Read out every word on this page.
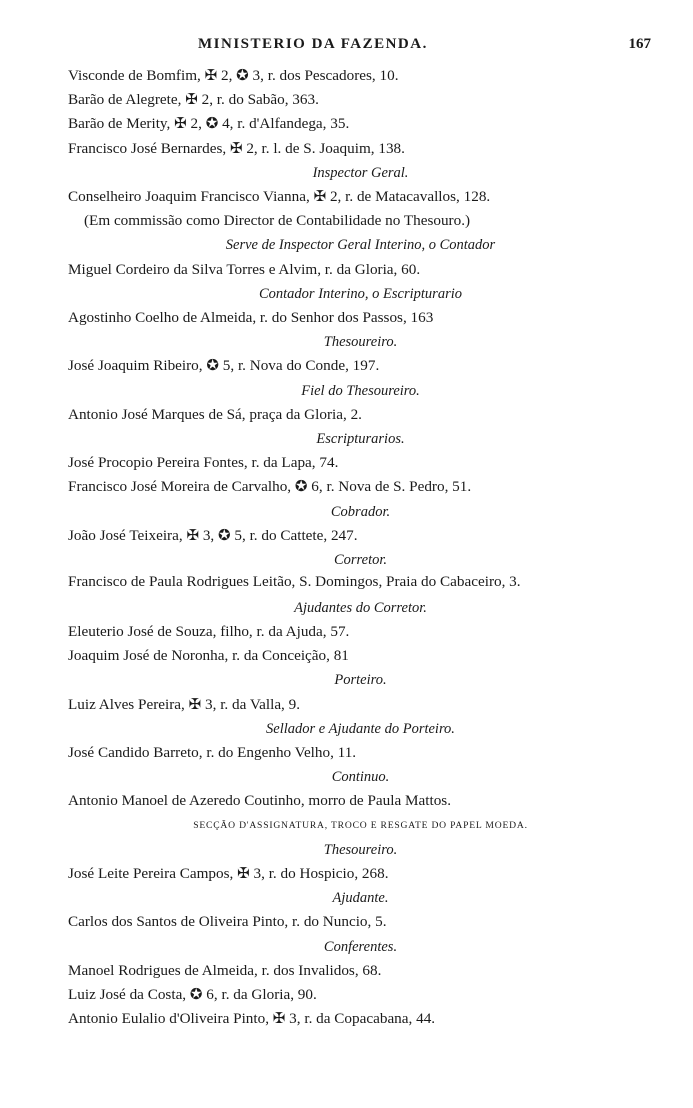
MINISTERIO DA FAZENDA.	167
Visconde de Bomfim, ✠ 2, ✪ 3, r. dos Pescadores, 10.
Barão de Alegrete, ✠ 2, r. do Sabão, 363.
Barão de Merity, ✠ 2, ✪ 4, r. d'Alfandega, 35.
Francisco José Bernardes, ✠ 2, r. l. de S. Joaquim, 138.
Inspector Geral.
Conselheiro Joaquim Francisco Vianna, ✠ 2, r. de Matacavallos, 128.
(Em commissão como Director de Contabilidade no Thesouro.)
Serve de Inspector Geral Interino, o Contador
Miguel Cordeiro da Silva Torres e Alvim, r. da Gloria, 60.
Contador Interino, o Escripturario
Agostinho Coelho de Almeida, r. do Senhor dos Passos, 163
Thesoureiro.
José Joaquim Ribeiro, ✪ 5, r. Nova do Conde, 197.
Fiel do Thesoureiro.
Antonio José Marques de Sá, praça da Gloria, 2.
Escripturarios.
José Procopio Pereira Fontes, r. da Lapa, 74.
Francisco José Moreira de Carvalho, ✪ 6, r. Nova de S. Pedro, 51.
Cobrador.
João José Teixeira, ✠ 3, ✪ 5, r. do Cattete, 247.
Corretor.
Francisco de Paula Rodrigues Leitão, S. Domingos, Praia do Cabaceiro, 3.
Ajudantes do Corretor.
Eleuterio José de Souza, filho, r. da Ajuda, 57.
Joaquim José de Noronha, r. da Conceição, 81
Porteiro.
Luiz Alves Pereira, ✠ 3, r. da Valla, 9.
Sellador e Ajudante do Porteiro.
José Candido Barreto, r. do Engenho Velho, 11.
Continuo.
Antonio Manoel de Azeredo Coutinho, morro de Paula Mattos.
SECÇÃO D'ASSIGNATURA, TROCO E RESGATE DO PAPEL MOEDA.
Thesoureiro.
José Leite Pereira Campos, ✠ 3, r. do Hospicio, 268.
Ajudante.
Carlos dos Santos de Oliveira Pinto, r. do Nuncio, 5.
Conferentes.
Manoel Rodrigues de Almeida, r. dos Invalidos, 68.
Luiz José da Costa, ✪ 6, r. da Gloria, 90.
Antonio Eulalio d'Oliveira Pinto, ✠ 3, r. da Copacabana, 44.
